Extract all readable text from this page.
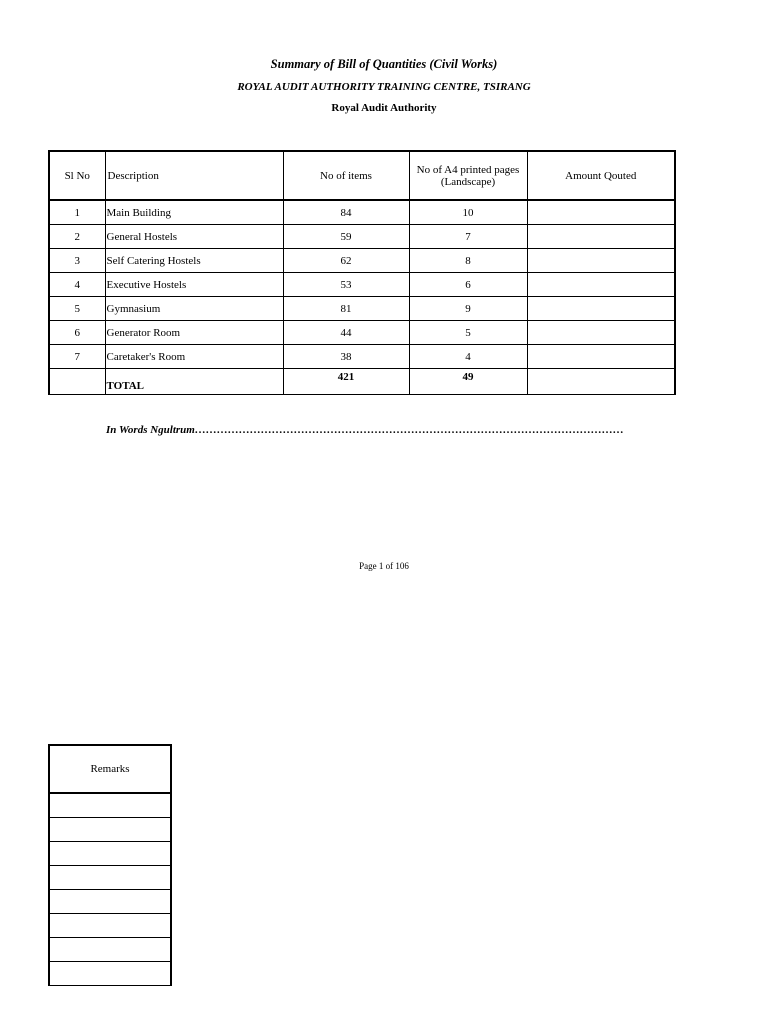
Summary of Bill of Quantities (Civil Works)
ROYAL AUDIT AUTHORITY TRAINING CENTRE, TSIRANG
Royal Audit Authority
Sl No	Description	No of items	No of A4 printed pages (Landscape)	Amount Qouted
1	Main Building	84	10	
2	General Hostels	59	7	
3	Self Catering Hostels	62	8	
4	Executive Hostels	53	6	
5	Gymnasium	81	9	
6	Generator Room	44	5	
7	Caretaker's Room	38	4	
	TOTAL	421	49	
In Words Ngultrum………………………………………………………………………………………………………
Page 1 of 106
Remarks
